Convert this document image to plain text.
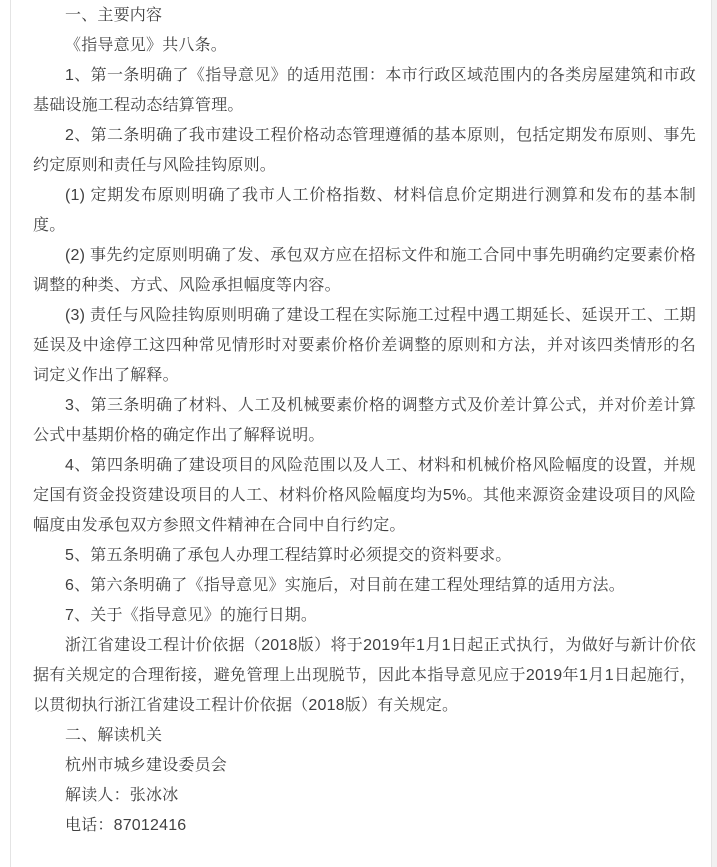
一、主要内容

《指导意见》共八条。

1、第一条明确了《指导意见》的适用范围：本市行政区域范围内的各类房屋建筑和市政基础设施工程动态结算管理。

2、第二条明确了我市建设工程价格动态管理遵循的基本原则，包括定期发布原则、事先约定原则和责任与风险挂钩原则。

(1) 定期发布原则明确了我市人工价格指数、材料信息价定期进行测算和发布的基本制度。

(2) 事先约定原则明确了发、承包双方应在招标文件和施工合同中事先明确约定要素价格调整的种类、方式、风险承担幅度等内容。

(3) 责任与风险挂钩原则明确了建设工程在实际施工过程中遇工期延长、延误开工、工期延误及中途停工这四种常见情形时对要素价格价差调整的原则和方法，并对该四类情形的名词定义作出了解释。

3、第三条明确了材料、人工及机械要素价格的调整方式及价差计算公式，并对价差计算公式中基期价格的确定作出了解释说明。

4、第四条明确了建设项目的风险范围以及人工、材料和机械价格风险幅度的设置，并规定国有资金投资建设项目的人工、材料价格风险幅度均为5%。其他来源资金建设项目的风险幅度由发承包双方参照文件精神在合同中自行约定。

5、第五条明确了承包人办理工程结算时必须提交的资料要求。

6、第六条明确了《指导意见》实施后，对目前在建工程处理结算的适用方法。

7、关于《指导意见》的施行日期。

浙江省建设工程计价依据（2018版）将于2019年1月1日起正式执行，为做好与新计价依据有关规定的合理衔接，避免管理上出现脱节，因此本指导意见应于2019年1月1日起施行，以贯彻执行浙江省建设工程计价依据（2018版）有关规定。

二、解读机关

杭州市城乡建设委员会

解读人：张冰冰

电话：87012416
